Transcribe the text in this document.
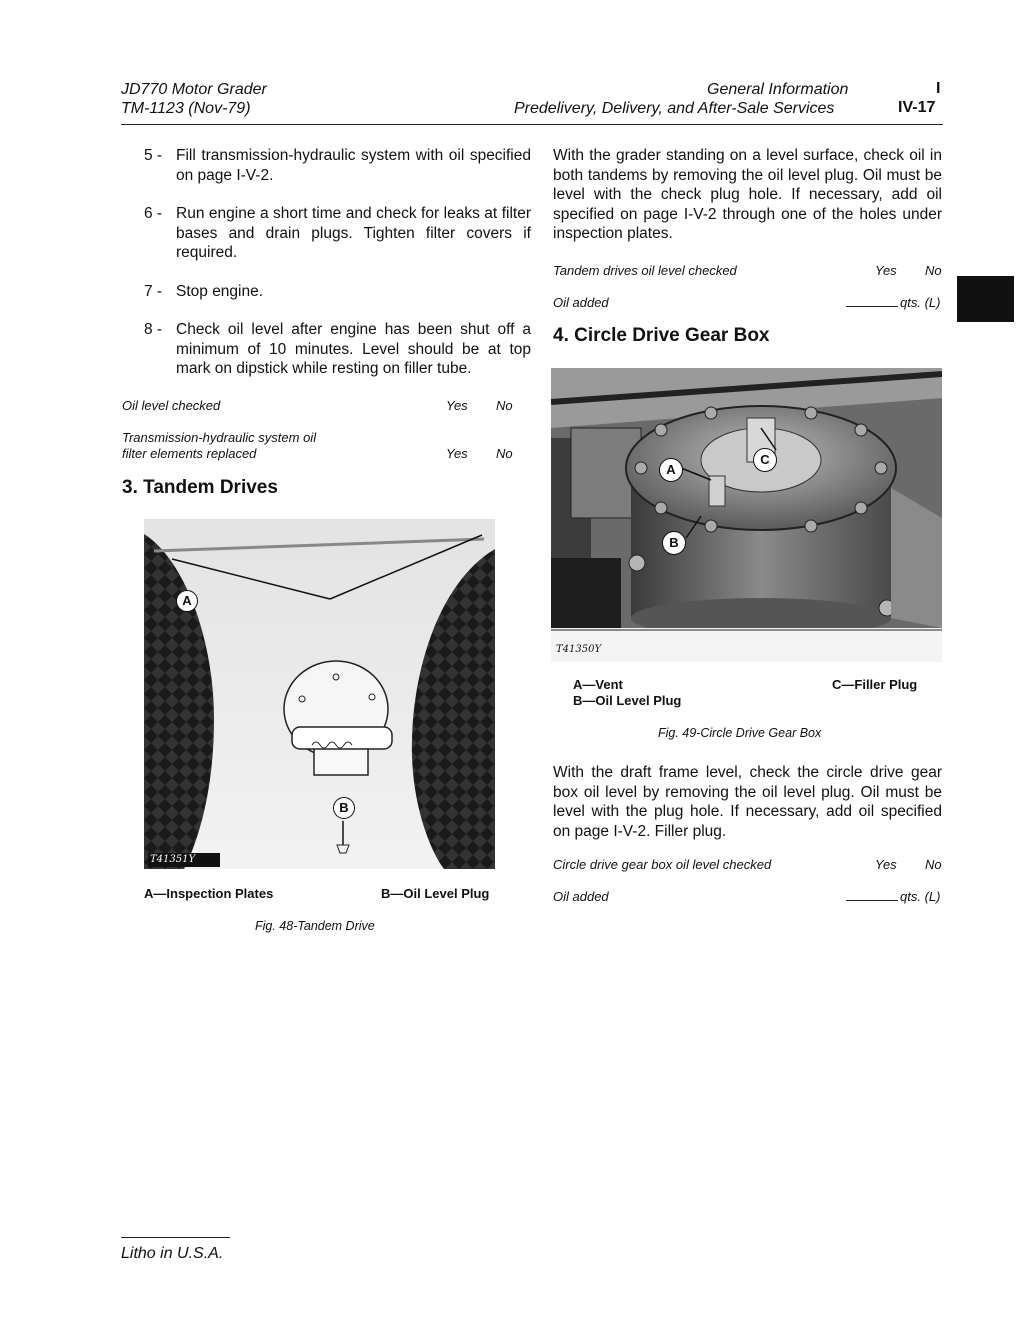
JD770 Motor Grader
TM-1123 (Nov-79)
General Information
Predelivery, Delivery, and After-Sale Services
I
IV-17
5 - Fill transmission-hydraulic system with oil specified on page I-V-2.
6 - Run engine a short time and check for leaks at filter bases and drain plugs. Tighten filter covers if required.
7 - Stop engine.
8 - Check oil level after engine has been shut off a minimum of 10 minutes. Level should be at top mark on dipstick while resting on filler tube.
Oil level checked	Yes No
Transmission-hydraulic system oil
filter elements replaced	Yes No
3. Tandem Drives
A
B
T41351Y
A—Inspection Plates	B—Oil Level Plug
Fig. 48-Tandem Drive
With the grader standing on a level surface, check oil in both tandems by removing the oil level plug. Oil must be level with the check plug hole. If necessary, add oil specified on page I-V-2 through one of the holes under inspection plates.
Tandem drives oil level checked	Yes No
Oil added	qts. (L)
4. Circle Drive Gear Box
A
C
B
T41350Y
A—Vent
B—Oil Level Plug
C—Filler Plug
Fig. 49-Circle Drive Gear Box
With the draft frame level, check the circle drive gear box oil level by removing the oil level plug. Oil must be level with the plug hole. If necessary, add oil specified on page I-V-2. Filler plug.
Circle drive gear box oil level checked	Yes No
Oil added	qts. (L)
Litho in U.S.A.
